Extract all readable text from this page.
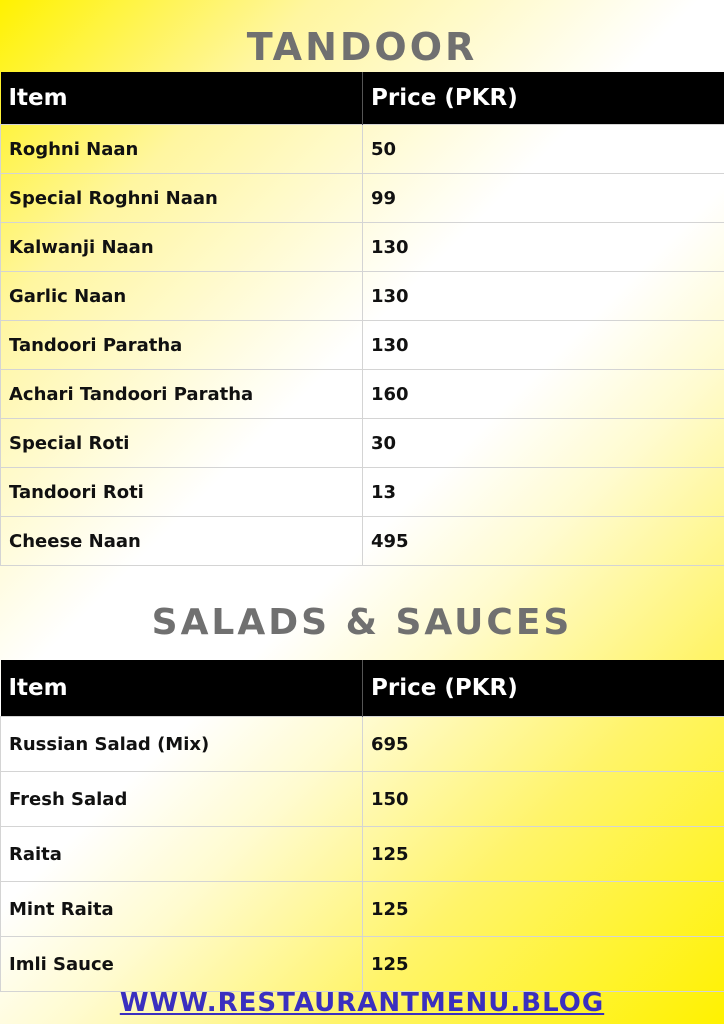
TANDOOR
Item	Price (PKR)
Roghni Naan	50
Special Roghni Naan	99
Kalwanji Naan	130
Garlic Naan	130
Tandoori Paratha	130
Achari Tandoori Paratha	160
Special Roti	30
Tandoori Roti	13
Cheese Naan	495
SALADS & SAUCES
Item	Price (PKR)
Russian Salad (Mix)	695
Fresh Salad	150
Raita	125
Mint Raita	125
Imli Sauce	125
WWW.RESTAURANTMENU.BLOG
